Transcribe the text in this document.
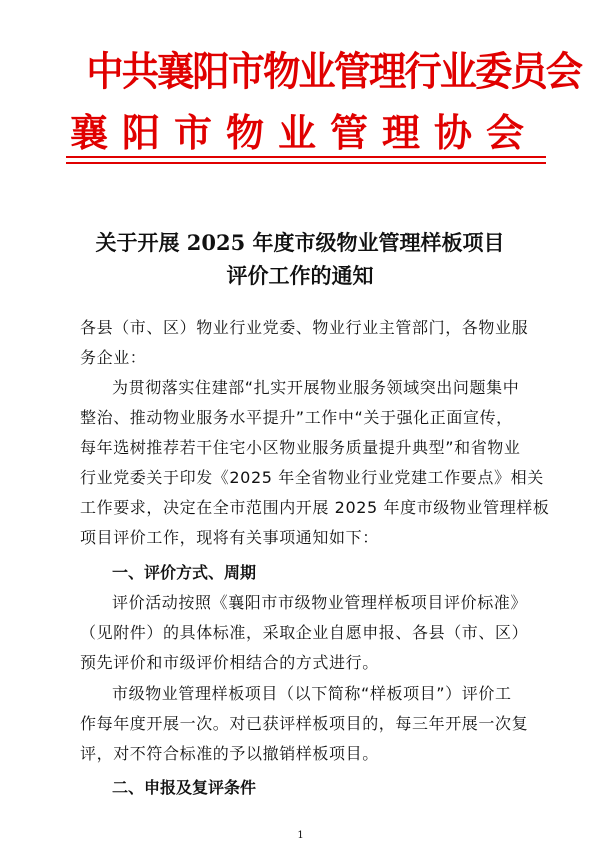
中共襄阳市物业管理行业委员会
襄阳市物业管理协会
关于开展 2025 年度市级物业管理样板项目
评价工作的通知
各县（市、区）物业行业党委、物业行业主管部门，各物业服
务企业：
为贯彻落实住建部“扎实开展物业服务领域突出问题集中
整治、推动物业服务水平提升”工作中“关于强化正面宣传，
每年选树推荐若干住宅小区物业服务质量提升典型”和省物业
行业党委关于印发《2025 年全省物业行业党建工作要点》相关
工作要求，决定在全市范围内开展 2025 年度市级物业管理样板
项目评价工作，现将有关事项通知如下：
一、评价方式、周期
评价活动按照《襄阳市市级物业管理样板项目评价标准》
（见附件）的具体标准，采取企业自愿申报、各县（市、区）
预先评价和市级评价相结合的方式进行。
市级物业管理样板项目（以下简称“样板项目”）评价工
作每年度开展一次。对已获评样板项目的，每三年开展一次复
评，对不符合标准的予以撤销样板项目。
二、申报及复评条件
1
